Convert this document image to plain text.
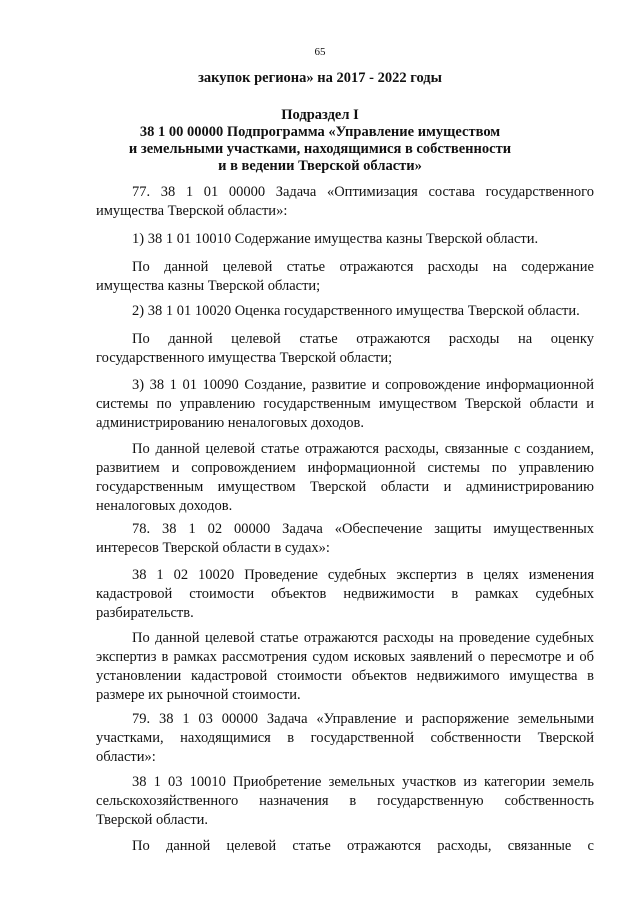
65
закупок региона» на 2017 - 2022 годы
Подраздел I
38 1 00 00000 Подпрограмма «Управление имуществом
и земельными участками, находящимися в собственности
и в ведении Тверской области»
77. 38 1 01 00000 Задача «Оптимизация состава государственного
имущества Тверской области»:
1) 38 1 01 10010 Содержание имущества казны Тверской области.
По данной целевой статье отражаются расходы на содержание
имущества казны Тверской области;
2) 38 1 01 10020 Оценка государственного имущества Тверской области.
По данной целевой статье отражаются расходы на оценку
государственного имущества Тверской области;
3) 38 1 01 10090 Создание, развитие и сопровождение информационной
системы по управлению государственным имуществом Тверской области и
администрированию неналоговых доходов.
По данной целевой статье отражаются расходы, связанные с созданием,
развитием и сопровождением информационной системы по управлению
государственным имуществом Тверской области и администрированию
неналоговых доходов.
78. 38 1 02 00000 Задача «Обеспечение защиты имущественных
интересов Тверской области в судах»:
38 1 02 10020 Проведение судебных экспертиз в целях изменения
кадастровой стоимости объектов недвижимости в рамках судебных
разбирательств.
По данной целевой статье отражаются расходы на проведение судебных
экспертиз в рамках рассмотрения судом исковых заявлений о пересмотре и об
установлении кадастровой стоимости объектов недвижимого имущества в
размере их рыночной стоимости.
79. 38 1 03 00000 Задача «Управление и распоряжение земельными
участками, находящимися в государственной собственности Тверской
области»:
38 1 03 10010 Приобретение земельных участков из категории земель
сельскохозяйственного назначения в государственную собственность
Тверской области.
По данной целевой статье отражаются расходы, связанные с
